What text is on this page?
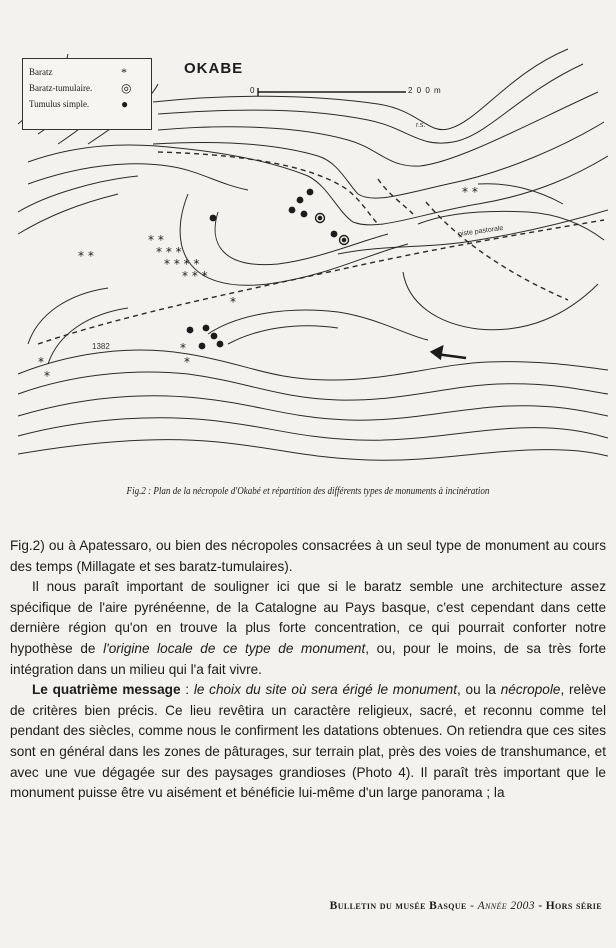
* *
* *
* * *
* * * *
* * *
* *
*
*
*
*
*
Baratz	*
Baratz-tumulaire. ◎
Tumulus simple.	●
OKABE
0	2 0 0 m
1382
r.s.
piste pastorale
Fig.2 : Plan de la nécropole d'Okabé et répartition des différents types de monuments à incinération

Fig.2) ou à Apatessaro, ou bien des nécropoles consacrées à un seul type de monument au cours des temps (Millagate et ses baratz-tumulaires).

Il nous paraît important de souligner ici que si le baratz semble une architecture assez spécifique de l'aire pyrénéenne, de la Catalogne au Pays basque, c'est cependant dans cette dernière région qu'on en trouve la plus forte concentration, ce qui pourrait conforter notre hypothèse de l'origine locale de ce type de monument, ou, pour le moins, de sa très forte intégration dans un milieu qui l'a fait vivre.

Le quatrième message : le choix du site où sera érigé le monument, ou la nécropole, relève de critères bien précis. Ce lieu revêtira un caractère religieux, sacré, et reconnu comme tel pendant des siècles, comme nous le confirment les datations obtenues. On retiendra que ces sites sont en général dans les zones de pâturages, sur terrain plat, près des voies de transhumance, et avec une vue dégagée sur des paysages grandioses (Photo 4). Il paraît très important que le monument puisse être vu aisément et bénéficie lui-même d'un large panorama ; la

Bulletin du musée Basque - Année 2003 - Hors série
